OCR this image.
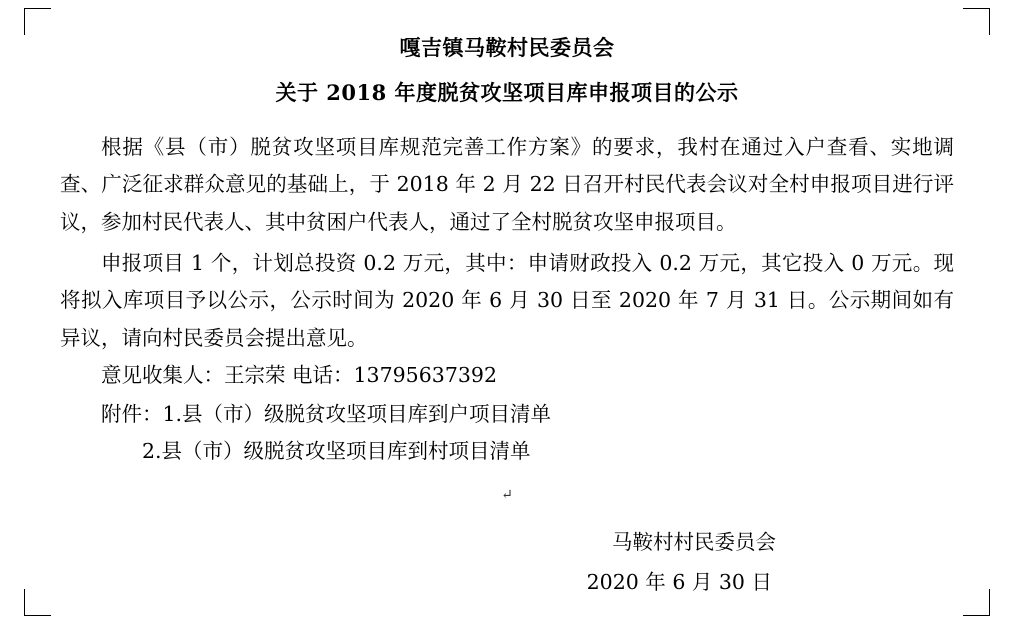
嘎吉镇马鞍村民委员会
关于 2018 年度脱贫攻坚项目库申报项目的公示

根据《县（市）脱贫攻坚项目库规范完善工作方案》的要求，我村在通过入户查看、实地调查、广泛征求群众意见的基础上，于 2018 年 2 月 22 日召开村民代表会议对全村申报项目进行评议，参加村民代表人、其中贫困户代表人，通过了全村脱贫攻坚申报项目。

申报项目 1 个，计划总投资 0.2 万元，其中：申请财政投入 0.2 万元，其它投入 0 万元。现将拟入库项目予以公示，公示时间为 2020 年 6 月 30 日至 2020 年 7 月 31 日。公示期间如有异议，请向村民委员会提出意见。

意见收集人：王宗荣 电话：13795637392

附件：1.县（市）级脱贫攻坚项目库到户项目清单

2.县（市）级脱贫攻坚项目库到村项目清单

↵
马鞍村村民委员会
2020 年 6 月 30 日
